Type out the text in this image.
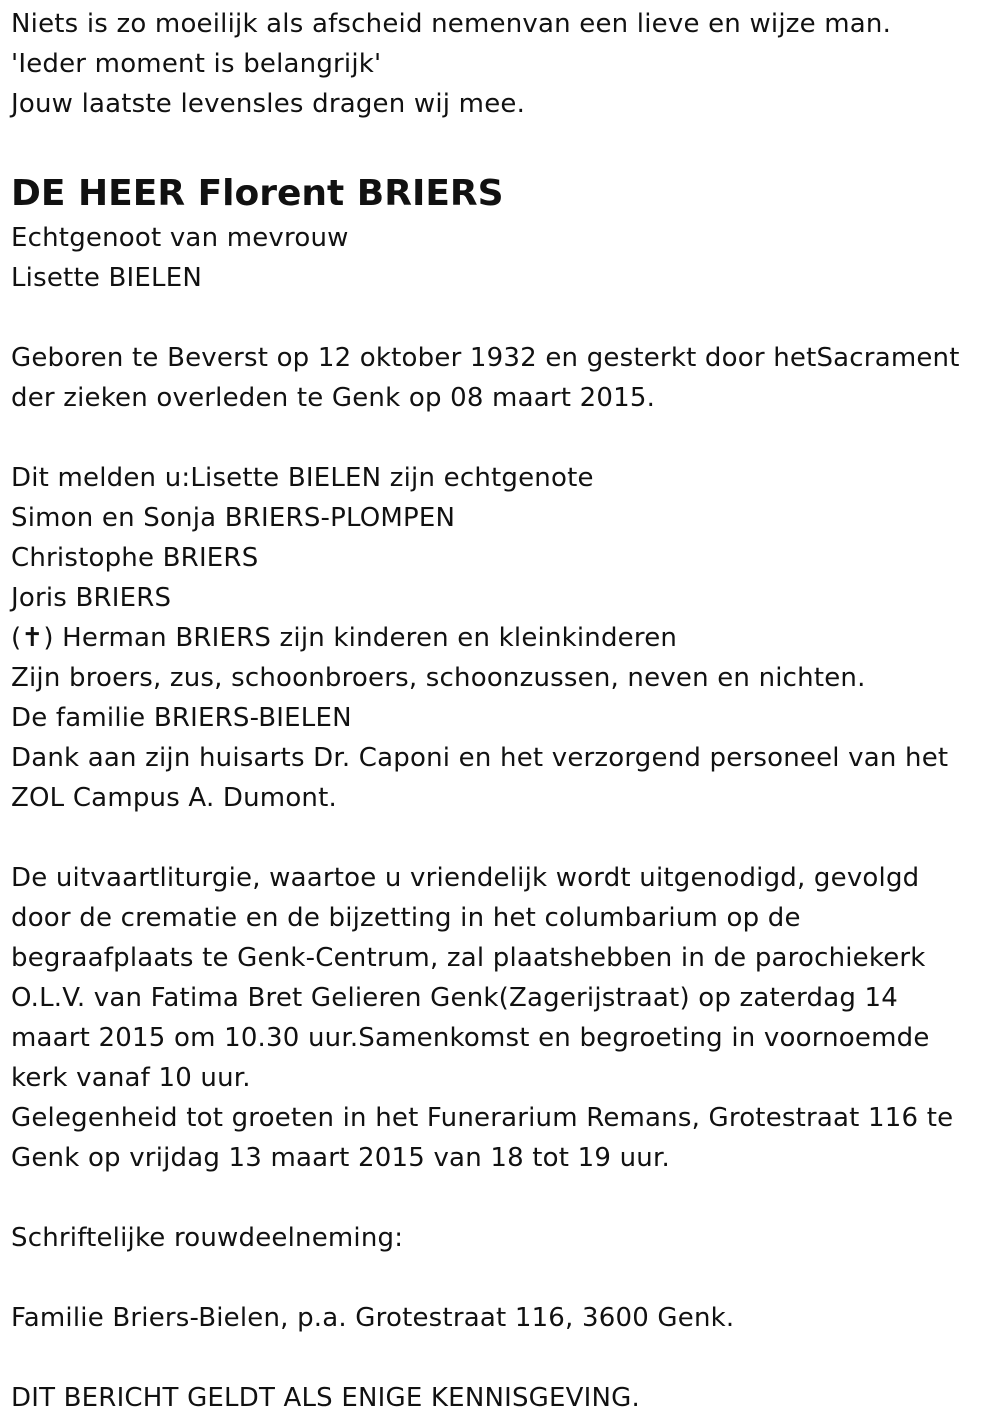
Niets is zo moeilijk als afscheid nemenvan een lieve en wijze man.
'Ieder moment is belangrijk'
Jouw laatste levensles dragen wij mee.
DE HEER Florent BRIERS
Echtgenoot van mevrouw
Lisette BIELEN
Geboren te Beverst op 12 oktober 1932 en gesterkt door hetSacrament
der zieken overleden te Genk op 08 maart 2015.
Dit melden u:Lisette BIELEN zijn echtgenote
Simon en Sonja BRIERS-PLOMPEN
Christophe BRIERS
Joris BRIERS
(✝) Herman BRIERS zijn kinderen en kleinkinderen
Zijn broers, zus, schoonbroers, schoonzussen, neven en nichten.
De familie BRIERS-BIELEN
Dank aan zijn huisarts Dr. Caponi en het verzorgend personeel van het
ZOL Campus A. Dumont.
De uitvaartliturgie, waartoe u vriendelijk wordt uitgenodigd, gevolgd
door de crematie en de bijzetting in het columbarium op de
begraafplaats te Genk-Centrum, zal plaatshebben in de parochiekerk
O.L.V. van Fatima Bret Gelieren Genk(Zagerijstraat) op zaterdag 14
maart 2015 om 10.30 uur.Samenkomst en begroeting in voornoemde
kerk vanaf 10 uur.
Gelegenheid tot groeten in het Funerarium Remans, Grotestraat 116 te
Genk op vrijdag 13 maart 2015 van 18 tot 19 uur.
Schriftelijke rouwdeelneming:
Familie Briers-Bielen, p.a. Grotestraat 116, 3600 Genk.
DIT BERICHT GELDT ALS ENIGE KENNISGEVING.
